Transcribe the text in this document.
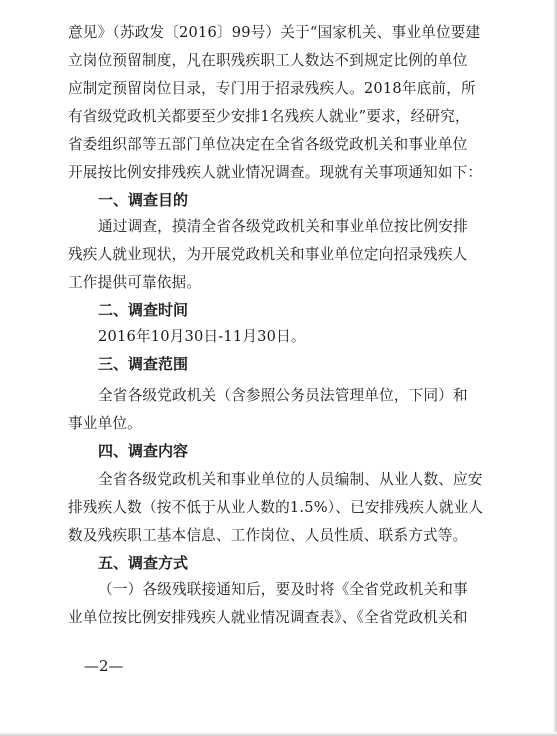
意见》（苏政发〔2016〕99号）关于“国家机关、事业单位要建
立岗位预留制度，凡在职残疾职工人数达不到规定比例的单位
应制定预留岗位目录，专门用于招录残疾人。2018年底前，所
有省级党政机关都要至少安排1名残疾人就业”要求，经研究，
省委组织部等五部门单位决定在全省各级党政机关和事业单位
开展按比例安排残疾人就业情况调查。现就有关事项通知如下：
一、调查目的
通过调查，摸清全省各级党政机关和事业单位按比例安排
残疾人就业现状，为开展党政机关和事业单位定向招录残疾人
工作提供可靠依据。
二、调查时间
2016年10月30日-11月30日。
三、调查范围
全省各级党政机关（含参照公务员法管理单位，下同）和
事业单位。
四、调查内容
全省各级党政机关和事业单位的人员编制、从业人数、应安
排残疾人数（按不低于从业人数的1.5%）、已安排残疾人就业人
数及残疾职工基本信息、工作岗位、人员性质、联系方式等。
五、调查方式
（一）各级残联接通知后，要及时将《全省党政机关和事
业单位按比例安排残疾人就业情况调查表》、《全省党政机关和
—2—
